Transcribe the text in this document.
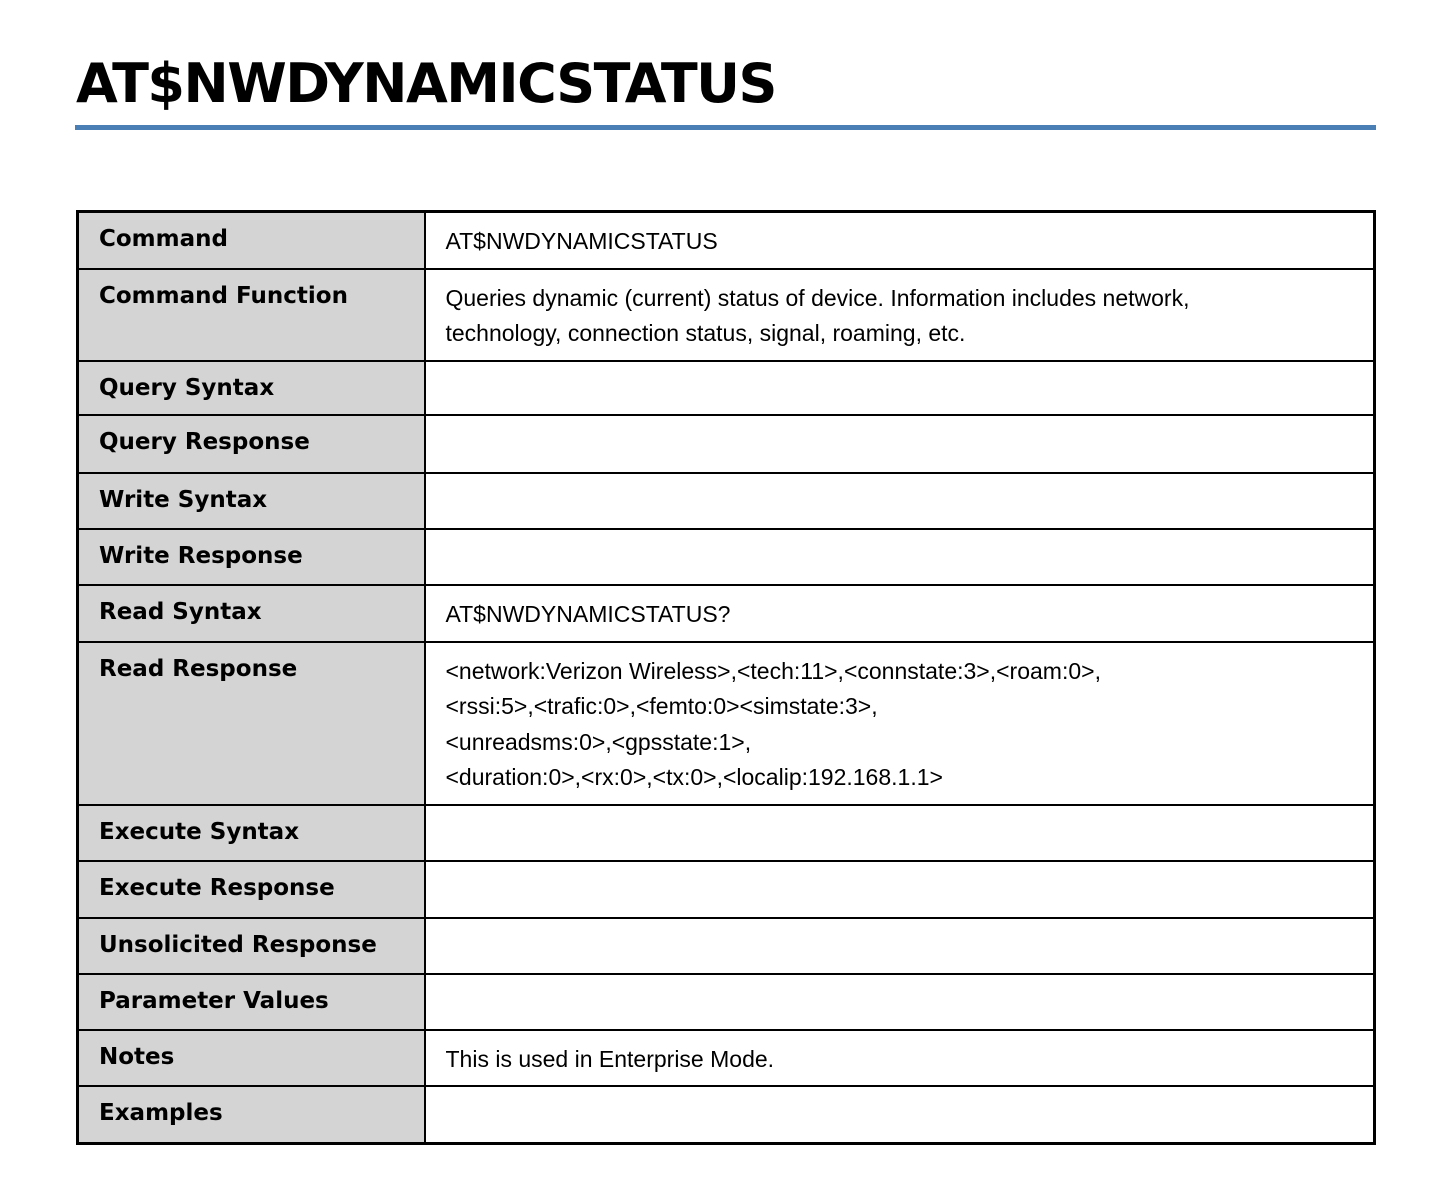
AT$NWDYNAMICSTATUS
Command	AT$NWDYNAMICSTATUS

Command Function	Queries dynamic (current) status of device. Information includes network,
technology, connection status, signal, roaming, etc.

Query Syntax	
Query Response	
Write Syntax	
Write Response	
Read Syntax	AT$NWDYNAMICSTATUS?

Read Response	<network:Verizon Wireless>,<tech:11>,<connstate:3>,<roam:0>,
<rssi:5>,<trafic:0>,<femto:0><simstate:3>,
<unreadsms:0>,<gpsstate:1>,
<duration:0>,<rx:0>,<tx:0>,<localip:192.168.1.1>

Execute Syntax	
Execute Response	
Unsolicited Response	
Parameter Values	
Notes	This is used in Enterprise Mode.

Examples	
